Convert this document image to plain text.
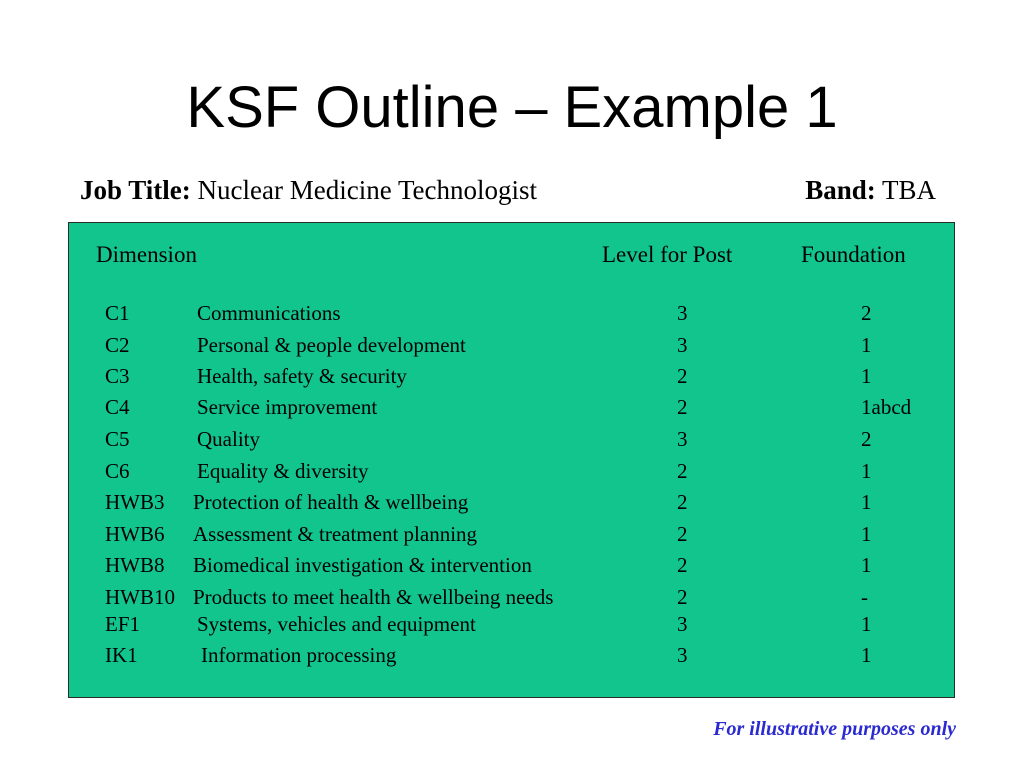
KSF Outline – Example 1
Job Title: Nuclear Medicine Technologist	Band: TBA
Dimension	Level for Post	Foundation
C1	Communications	3	2
C2	Personal & people development	3	1
C3	Health, safety & security	2	1
C4	Service improvement	2	1abcd
C5	Quality	3	2
C6	Equality & diversity	2	1
HWB3 Protection of health & wellbeing	2	1
HWB6 Assessment & treatment planning	2	1
HWB8 Biomedical investigation & intervention	2	1
HWB10 Products to meet health & wellbeing needs	2	-
EF1	Systems, vehicles and equipment	3	1
IK1	Information processing	3	1
For illustrative purposes only
